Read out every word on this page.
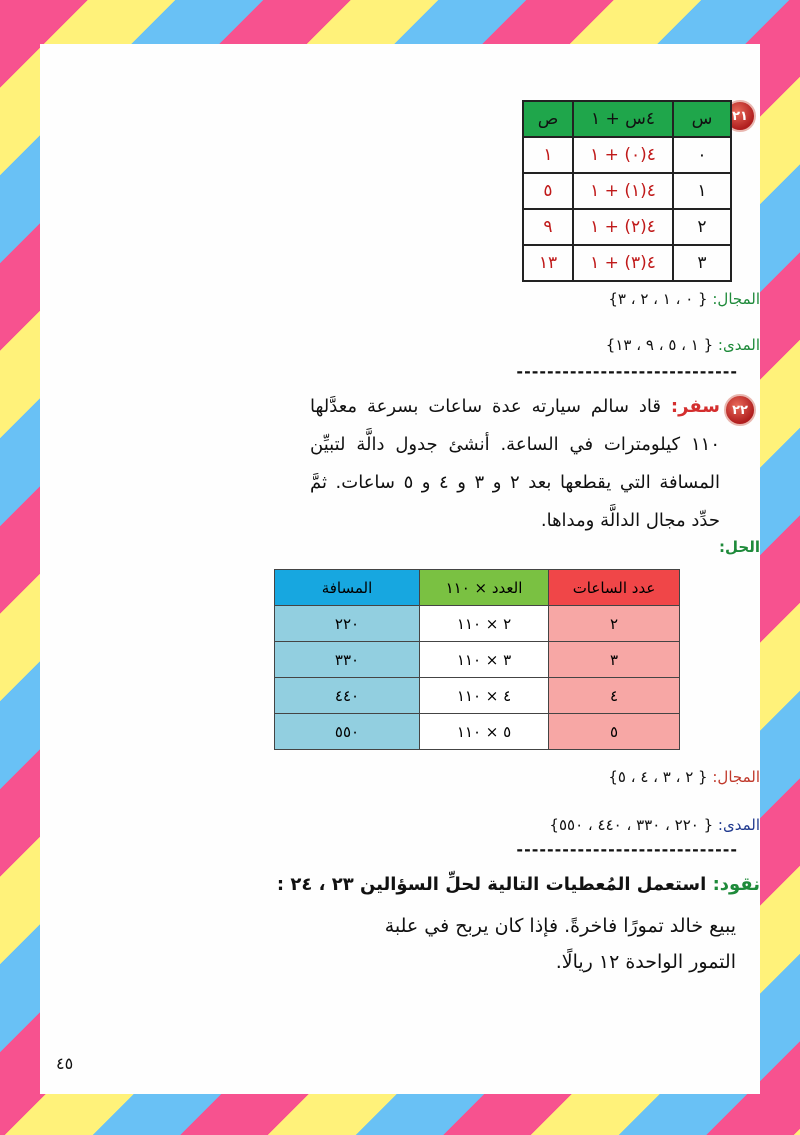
٢١
س	٤س + ١	ص
٠	٤(٠) + ١	١
١	٤(١) + ١	٥
٢	٤(٢) + ١	٩
٣	٤(٣) + ١	١٣
المجال: { ٠ ، ١ ، ٢ ، ٣}
المدى: { ١ ، ٥ ، ٩ ، ١٣}
-----------------------------
٢٢
سفر: قاد سالم سيارته عدة ساعات بسرعة معدَّلها ١١٠ كيلومترات في الساعة. أنشئ جدول دالَّة لتبيِّن المسافة التي يقطعها بعد ٢ و ٣ و ٤ و ٥ ساعات. ثمَّ حدِّد مجال الدالَّة ومداها.
الحل:
عدد الساعات	العدد × ١١٠	المسافة
٢	٢ × ١١٠	٢٢٠
٣	٣ × ١١٠	٣٣٠
٤	٤ × ١١٠	٤٤٠
٥	٥ × ١١٠	٥٥٠
المجال: { ٢ ، ٣ ، ٤ ، ٥}
المدى: { ٢٢٠ ، ٣٣٠ ، ٤٤٠ ، ٥٥٠}
-----------------------------
نقود: استعمل المُعطيات التالية لحلِّ السؤالين ٢٣ ، ٢٤ :
يبيع خالد تمورًا فاخرةً. فإذا كان يربح في علبة التمور الواحدة ١٢ ريالًا.
٤٥
